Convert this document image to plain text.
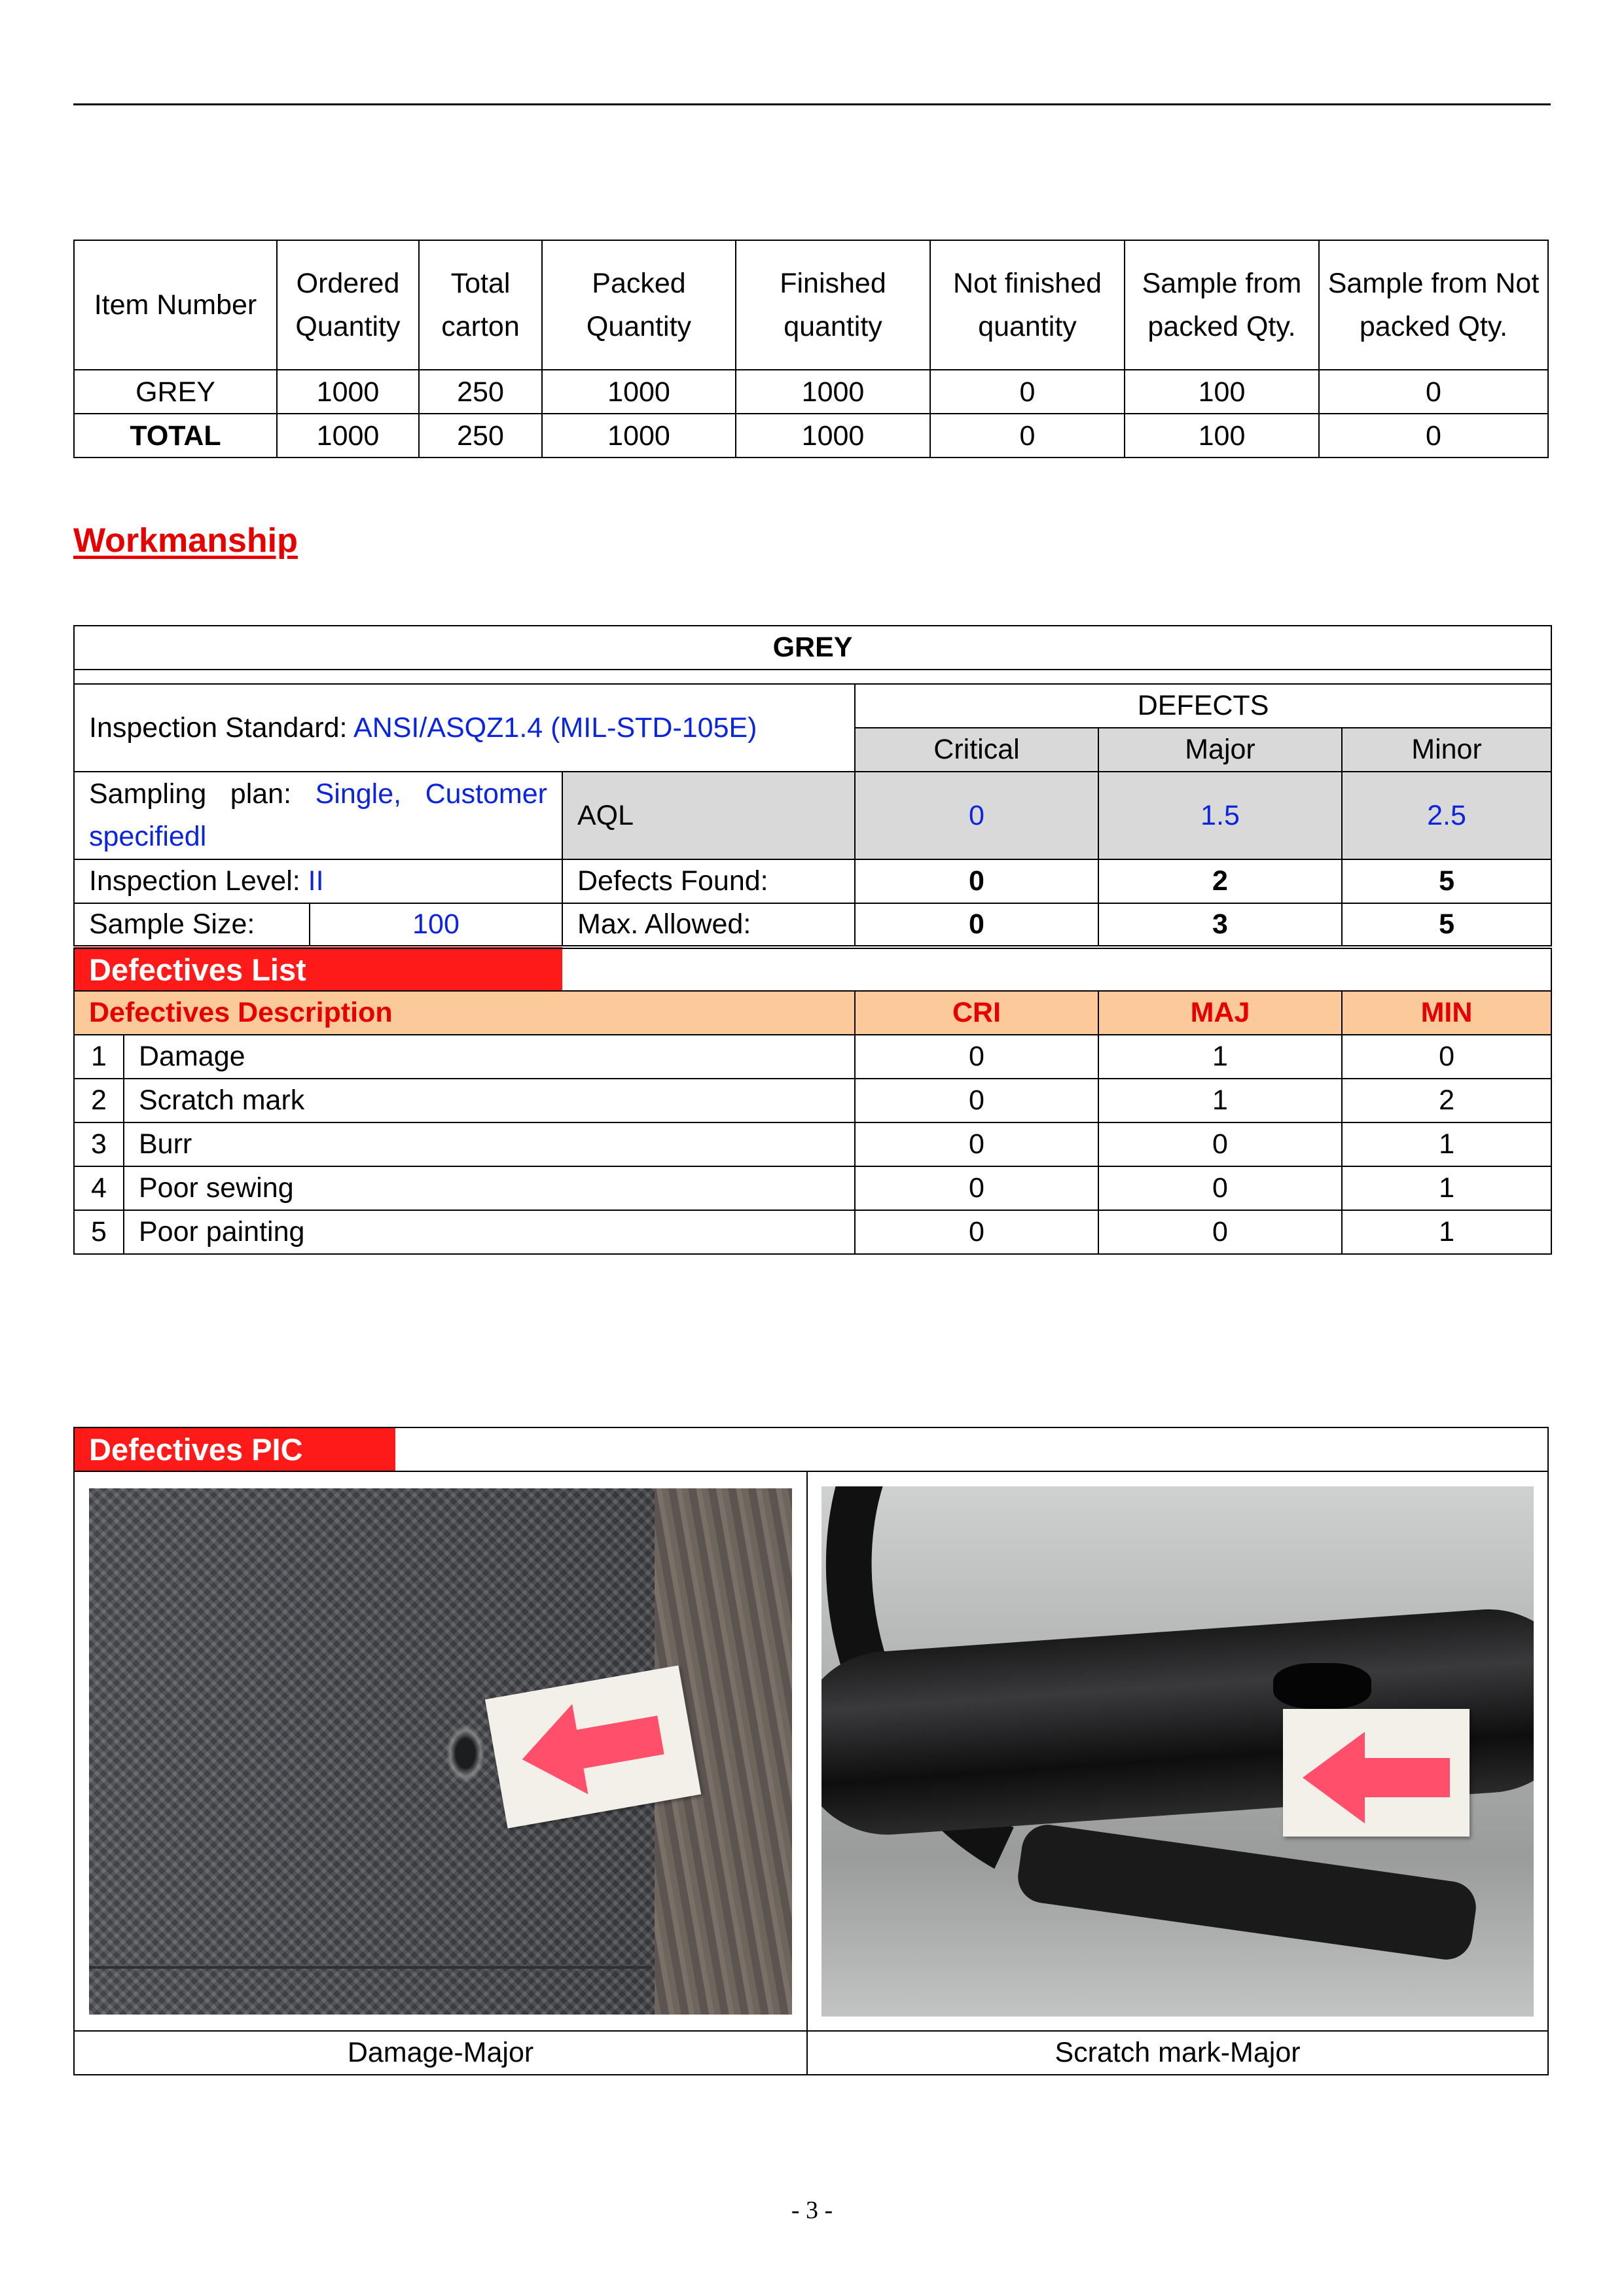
Item Number	Ordered Quantity	Total carton	Packed Quantity	Finished quantity	Not finished quantity	Sample from packed Qty.	Sample from Not packed Qty.
GREY	1000	250	1000	1000	0	100	0
TOTAL	1000	250	1000	1000	0	100	0
Workmanship
GREY						

Inspection Standard: ANSI/ASQZ1.4 (MIL-STD-105E)				DEFECTS		
				Critical	Major	Minor
Sampling plan: Single, Customer specifiedl			AQL	0	1.5	2.5
Inspection Level: II			Defects Found:	0	2	5
Sample Size:		100	Max. Allowed:	0	3	5

Defectives List						

Defectives Description				CRI	MAJ	MIN
1	Damage			0	1	0
2	Scratch mark			0	1	2
3	Burr			0	0	1
4	Poor sewing			0	0	1
5	Poor painting			0	0	1
Defectives PIC	

Damage-Major	Scratch mark-Major
- 3 -
